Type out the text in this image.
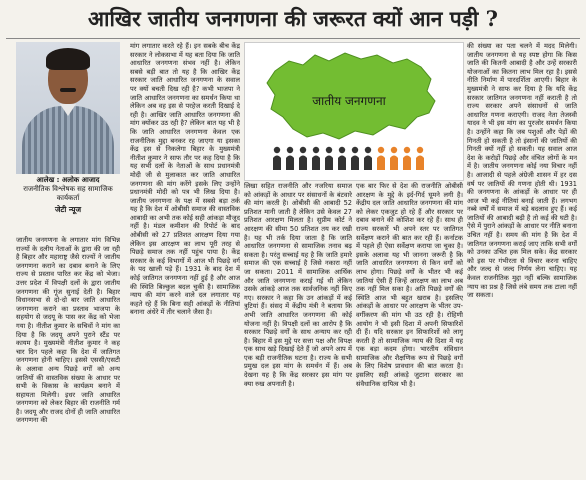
आखिर जातीय जनगणना की जरूरत क्यों आन पड़ी ?
आलेख : अलोक आजाद
राजनीतिक विश्लेषक सह सामाजिक कार्यकर्ता
जेटी न्यूज

जातीय जनगणना के लगातार मांग विभिन्न राज्यों के दलीय नेताओं के द्वारा की जा रही है बिहार और महाराष्ट्र जैसे राज्यों ने जातीय जनगणना कराने का दबाव बनाने के लिए राज्य से प्रस्ताव पारित कर केंद्र को भेजा। उत्तर प्रदेश में विपक्षी दलों के द्वारा जातीय जनगणना की गूंज सुनाई देती है। बिहार विधानसभा से दो-दो बार जाति आधारित जनगणना कराने का प्रस्ताव भाजपा के सहयोग से जदयू के पास कर केंद्र को भेजा गया है। नीतीश कुमार के सचिवों ने मांग का दिया है कि जदयू अपने पुराने स्टैंड पर कायम है। मुख्यमंत्री नीतीश कुमार ने कह चार दिन पहले कहा कि देश में जातिगत जनगणना होनी चाहिए। इससे एससी/एसटी के अलावा अन्य पिछड़े वर्गों को अन्य जातियों की वास्तविक संख्या के आधार पर सभी के विकास के कार्यक्रम बनाने में सहायता मिलेगी। इधर जाति आधारित जनगणना को लेकर बिहार की राजनीति गर्म है। जदयू और राजद दोनों ही जाति आधारित जनगणना की

मांग लगातार करते रहे हैं। इन सबके बीच केंद्र सरकार ने लोकसभा में यह बता दिया कि जाति आधारित जनगणना संभव नहीं है। लेकिन सबसे बड़ी बात तो यह है कि आखिर केंद्र सरकार जाति आधारित जनगणना के सवाल पर क्यों बचती दिख रही है? कभी भाजपा ने जाति आधारित जनगणना का समर्थन किया था लेकिन अब वह इस से परहेज करती दिखाई दे रही है। आखिर जाति आधारित जनगणना की मांग क्योंकर उठ रही है? लेकिन बात यह भी है कि जाति आधारित जनगणना केवल एक राजनीतिक मुद्दा बनकर रह जाएगा या इसका केंद्र इस से निकलेगा बिहार के मुख्यमंत्री नीतीश कुमार ने साफ तौर पर कह दिया है कि यह सभी दलों के नेताओं के साथ प्रधानमंत्री मोदी जी से मुलाकात कर जाति आधारित जनगणना की मांग करेंगे इसके लिए उन्होंने प्रधानमंत्री मोदी को पत्र भी लिख दिया है। जातीय जनगणना के पक्ष में सबसे बड़ा तर्क यह है कि देश में ओबीसी समाज की वास्तविक आबादी का अभी तक कोई सही आंकड़ा मौजूद नहीं है। मंडल कमीशन की रिपोर्ट के बाद ओबीसी को 27 प्रतिशत आरक्षण दिया गया लेकिन इस आरक्षण का लाभ पूरी तरह से पिछड़े समाज तक नहीं पहुंच पाया है। केंद्र सरकार के कई विभागों में आज भी पिछड़े वर्ग के पद खाली पड़े हैं। 1931 के बाद देश में कोई जातिगत जनगणना नहीं हुई है और आज की स्थिति बिल्कुल बदल चुकी है। सामाजिक न्याय की मांग करने वाले दल लगातार यह कहते रहे हैं कि बिना सही आंकड़ों के नीतियां बनाना अंधेरे में तीर चलाने जैसा है।

जातीय जनगणना

लिखा सहित राजनीति और नजरिया समाज को आंकड़ों के आधार पर संसाधनों के बंटवारे की मांग करती है। ओबीसी की आबादी 52 प्रतिशत मानी जाती है लेकिन उसे केवल 27 प्रतिशत आरक्षण मिलता है। सुप्रीम कोर्ट ने आरक्षण की सीमा 50 प्रतिशत तय कर रखी है। यह भी तर्क दिया जाता है कि जाति आधारित जनगणना से सामाजिक तनाव बढ़ सकता है। परंतु सच्चाई यह है कि जाति हमारे समाज की एक सच्चाई है जिसे नकारा नहीं जा सकता। 2011 में सामाजिक आर्थिक और जाति जनगणना कराई गई थी लेकिन उसके आंकड़े आज तक सार्वजनिक नहीं किए गए। सरकार ने कहा कि उन आंकड़ों में कई त्रुटियां हैं। संसद में केंद्रीय मंत्री ने बताया कि अभी जाति आधारित जनगणना की कोई योजना नहीं है। विपक्षी दलों का आरोप है कि सरकार पिछड़े वर्गों के साथ अन्याय कर रही है। बिहार में इस मुद्दे पर सत्ता पक्ष और विपक्ष एक साथ खड़े दिखाई देते हैं जो अपने आप में एक बड़ी राजनीतिक घटना है। राज्य के सभी प्रमुख दल इस मांग के समर्थन में हैं। अब देखना यह है कि केंद्र सरकार इस मांग पर क्या रुख अपनाती है।

एक बार फिर से देश की राजनीति ओबीसी आरक्षण के मुद्दे के इर्द-गिर्द घूमने लगी है। केंद्रीय दल जाति आधारित जनगणना की मांग को लेकर एकजुट हो रहे हैं और सरकार पर दबाव बनाने की कोशिश कर रहे हैं। साथ ही राज्य सरकारें भी अपने स्तर पर जातिगत सर्वेक्षण कराने की बात कर रही हैं। कर्नाटक में पहले ही ऐसा सर्वेक्षण कराया जा चुका है। इसके अलावा यह भी जानना जरूरी है कि जाति आधारित जनगणना से किन वर्गों को लाभ होगा। पिछड़े वर्गों के भीतर भी कई जातियां ऐसी हैं जिन्हें आरक्षण का लाभ अब तक नहीं मिल सका है। अति पिछड़े वर्गों की स्थिति आज भी बहुत खराब है। इसलिए आंकड़ों के आधार पर आरक्षण के भीतर उप-वर्गीकरण की मांग भी उठ रही है। रोहिणी आयोग ने भी इसी दिशा में अपनी सिफारिशें दी हैं। यदि सरकार इन सिफारिशों को लागू करती है तो सामाजिक न्याय की दिशा में यह एक बड़ा कदम होगा। भारतीय संविधान सामाजिक और शैक्षणिक रूप से पिछड़े वर्गों के लिए विशेष प्रावधान की बात करता है। इसलिए सही आंकड़े जुटाना सरकार का संवैधानिक दायित्व भी है।

की संख्या का पता चलने में मदद मिलेगी। जातीय जनगणना से यह स्पष्ट होगा कि किस जाति की कितनी आबादी है और उन्हें सरकारी योजनाओं का कितना लाभ मिल रहा है। इससे नीति निर्माण में पारदर्शिता आएगी। बिहार के मुख्यमंत्री ने साफ कर दिया है कि यदि केंद्र सरकार जातिगत जनगणना नहीं कराती है तो राज्य सरकार अपने संसाधनों से जाति आधारित गणना कराएगी। राजद नेता तेजस्वी यादव ने भी इस मांग का पुरजोर समर्थन किया है। उन्होंने कहा कि जब पशुओं और पेड़ों की गिनती हो सकती है तो इंसानों की जातियों की गिनती क्यों नहीं हो सकती। यह सवाल आज देश के करोड़ों पिछड़े और वंचित लोगों के मन में है। जातीय जनगणना कोई नया विचार नहीं है। आजादी से पहले अंग्रेजी शासन में हर दस वर्ष पर जातियों की गणना होती थी। 1931 की जनगणना के आंकड़ों के आधार पर ही आज भी कई नीतियां बनाई जाती हैं। लगभग नब्बे वर्षों में समाज में बड़े बदलाव हुए हैं। कई जातियों की आबादी बढ़ी है तो कई की घटी है। ऐसे में पुराने आंकड़ों के आधार पर नीति बनाना उचित नहीं है। समय की मांग है कि देश में जातिगत जनगणना कराई जाए ताकि सभी वर्गों को उनका उचित हक मिल सके। केंद्र सरकार को इस पर गंभीरता से विचार करना चाहिए और जल्द से जल्द निर्णय लेना चाहिए। यह केवल राजनीतिक मुद्दा नहीं बल्कि सामाजिक न्याय का प्रश्न है जिसे लंबे समय तक टाला नहीं जा सकता।
